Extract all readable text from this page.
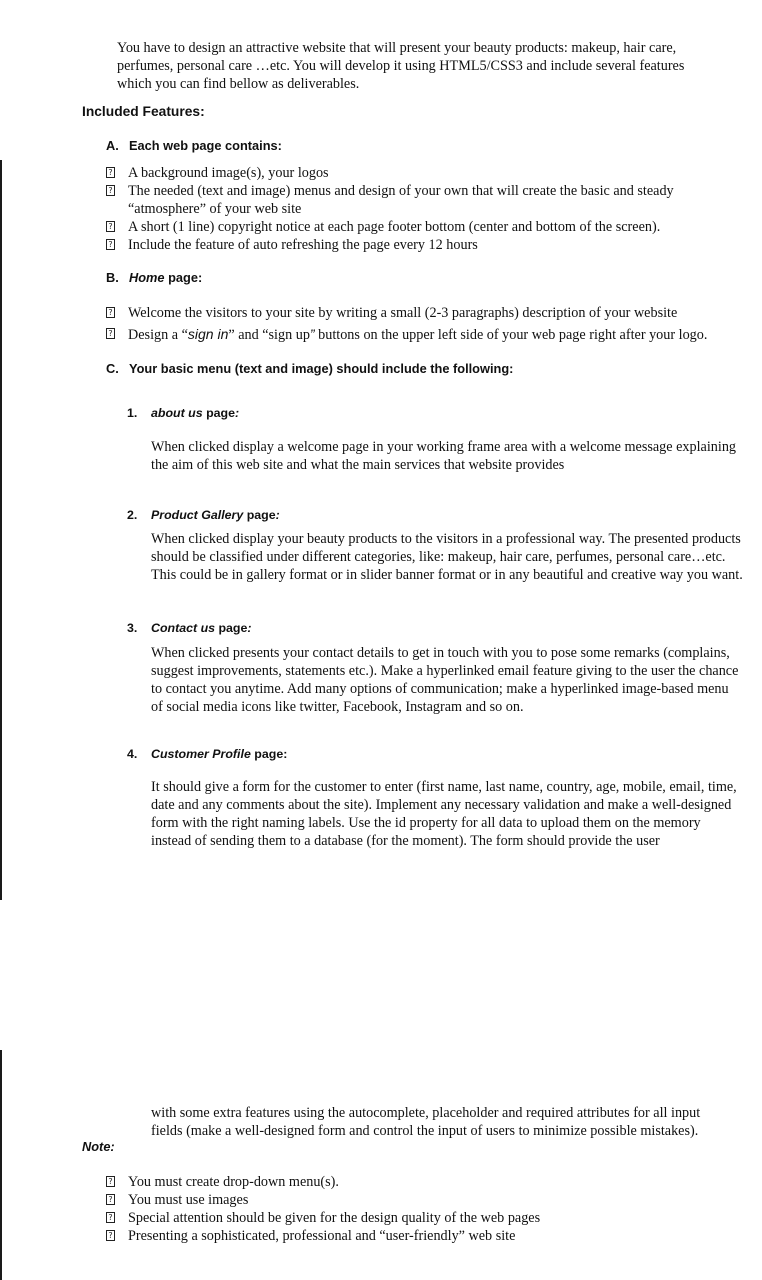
You have to design an attractive website that will present your beauty products: makeup, hair care, perfumes, personal care …etc. You will develop it using HTML5/CSS3 and include several features which you can find bellow as deliverables.
Included Features:
A. Each web page contains:
? A background image(s), your logos
? The needed (text and image) menus and design of your own that will create the basic and steady “atmosphere” of your web site
? A short (1 line) copyright notice at each page footer bottom (center and bottom of the screen).
? Include the feature of auto refreshing the page every 12 hours
B. Home page:
? Welcome the visitors to your site by writing a small (2-3 paragraphs) description of your website
? Design a “sign in” and “sign up” buttons on the upper left side of your web page right after your logo.
C. Your basic menu (text and image) should include the following:
1. about us page:
When clicked display a welcome page in your working frame area with a welcome message explaining the aim of this web site and what the main services that website provides
2. Product Gallery page:
When clicked display your beauty products to the visitors in a professional way. The presented products should be classified under different categories, like: makeup, hair care, perfumes, personal care…etc. This could be in gallery format or in slider banner format or in any beautiful and creative way you want.
3. Contact us page:
When clicked presents your contact details to get in touch with you to pose some remarks (complains, suggest improvements, statements etc.). Make a hyperlinked email feature giving to the user the chance to contact you anytime. Add many options of communication; make a hyperlinked image-based menu of social media icons like twitter, Facebook, Instagram and so on.
4. Customer Profile page:
It should give a form for the customer to enter (first name, last name, country, age, mobile, email, time, date and any comments about the site). Implement any necessary validation and make a well-designed form with the right naming labels. Use the id property for all data to upload them on the memory instead of sending them to a database (for the moment). The form should provide the user
with some extra features using the autocomplete, placeholder and required attributes for all input fields (make a well-designed form and control the input of users to minimize possible mistakes).
Note:
? You must create drop-down menu(s).
? You must use images
? Special attention should be given for the design quality of the web pages
? Presenting a sophisticated, professional and “user-friendly” web site
